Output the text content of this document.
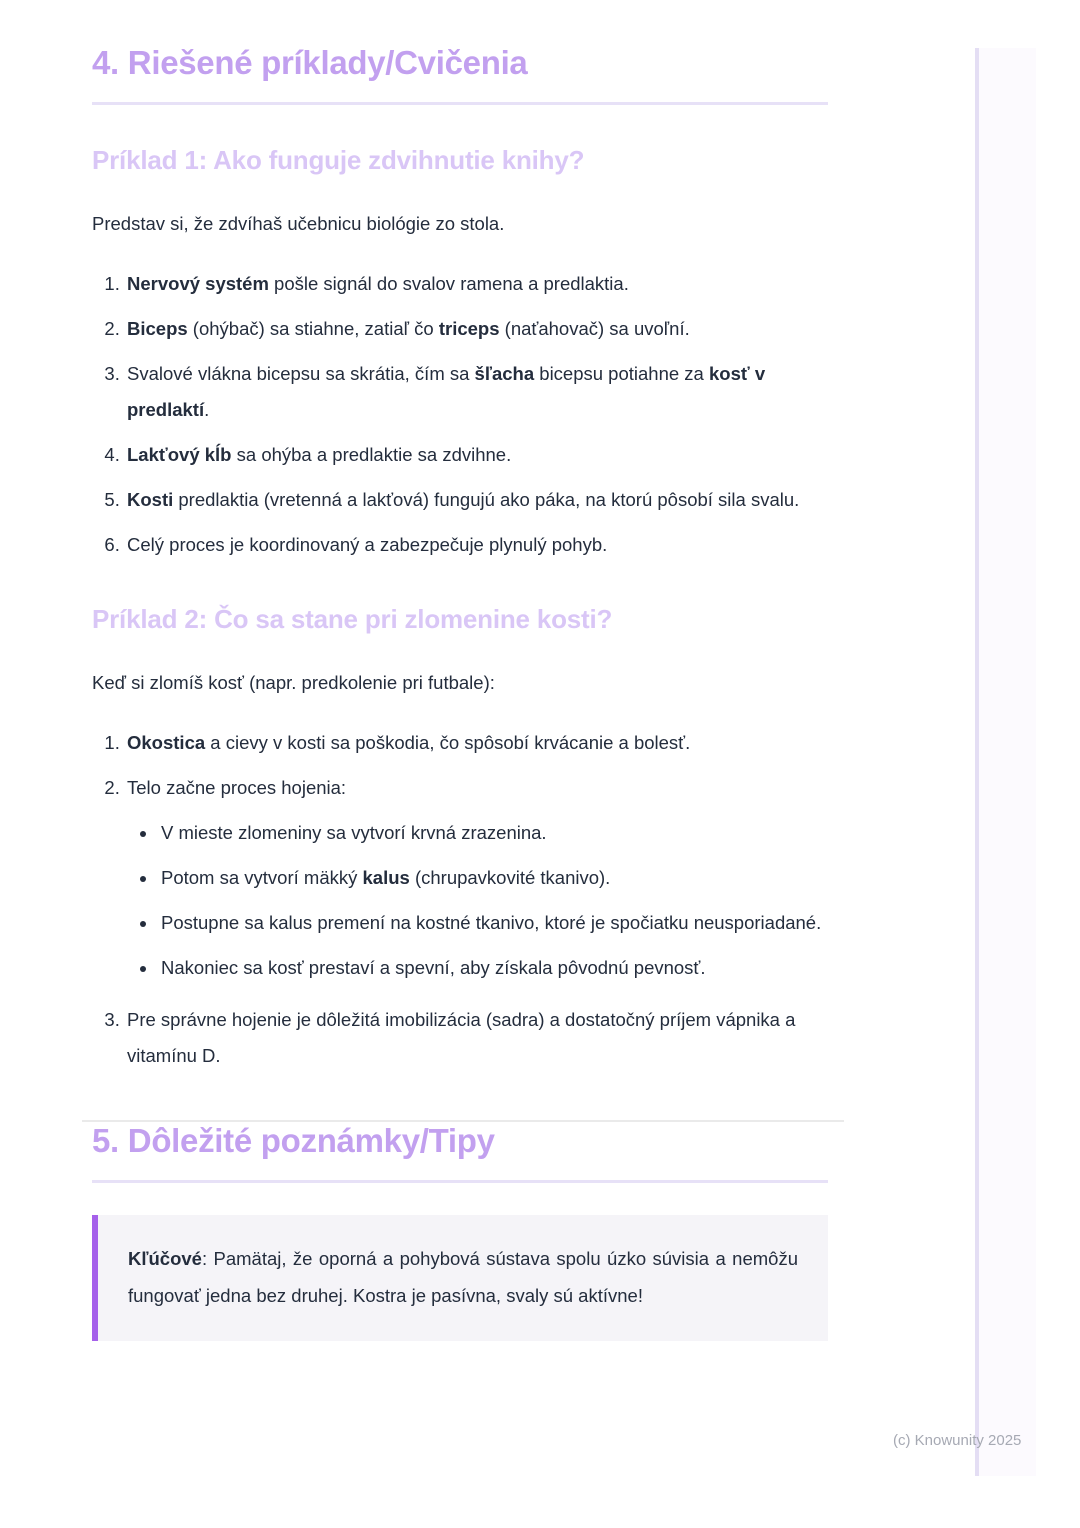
4. Riešené príklady/Cvičenia
Príklad 1: Ako funguje zdvihnutie knihy?

Predstav si, že zdvíhaš učebnicu biológie zo stola.

1. Nervový systém pošle signál do svalov ramena a predlaktia.
2. Biceps (ohýbač) sa stiahne, zatiaľ čo triceps (naťahovač) sa uvoľní.
3. Svalové vlákna bicepsu sa skrátia, čím sa šľacha bicepsu potiahne za kosť v predlaktí.
4. Lakťový kĺb sa ohýba a predlaktie sa zdvihne.
5. Kosti predlaktia (vretenná a lakťová) fungujú ako páka, na ktorú pôsobí sila svalu.
6. Celý proces je koordinovaný a zabezpečuje plynulý pohyb.
Príklad 2: Čo sa stane pri zlomenine kosti?

Keď si zlomíš kosť (napr. predkolenie pri futbale):

1. Okostica a cievy v kosti sa poškodia, čo spôsobí krvácanie a bolesť.
2. Telo začne proces hojenia:
• V mieste zlomeniny sa vytvorí krvná zrazenina.
• Potom sa vytvorí mäkký kalus (chrupavkovité tkanivo).
• Postupne sa kalus premení na kostné tkanivo, ktoré je spočiatku neusporiadané.
• Nakoniec sa kosť prestaví a spevní, aby získala pôvodnú pevnosť.
3. Pre správne hojenie je dôležitá imobilizácia (sadra) a dostatočný príjem vápnika a vitamínu D.
5. Dôležité poznámky/Tipy
Kľúčové: Pamätaj, že oporná a pohybová sústava spolu úzko súvisia a nemôžu fungovať jedna bez druhej. Kostra je pasívna, svaly sú aktívne!
(c) Knowunity 2025
